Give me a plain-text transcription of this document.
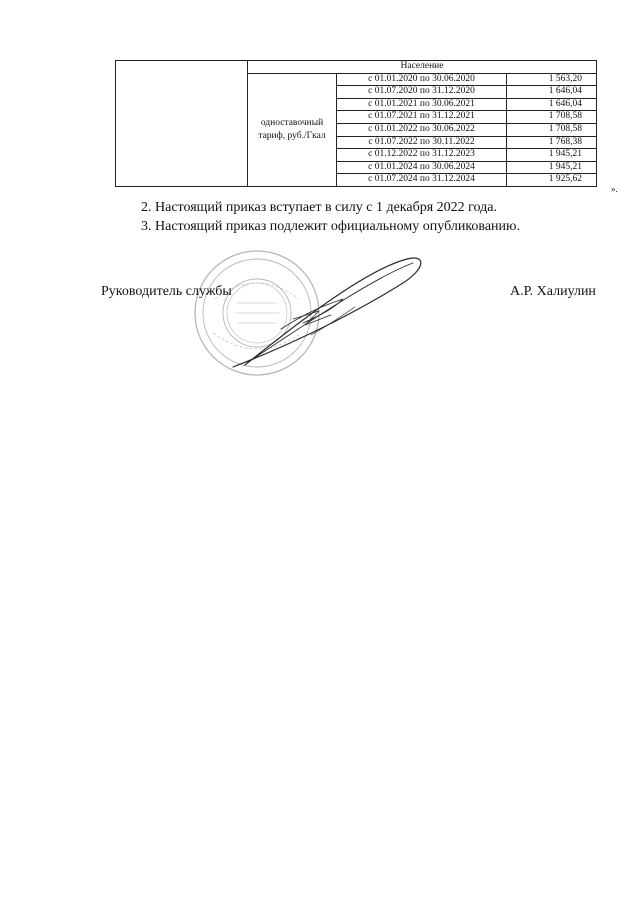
	Население		
	одноставочный тариф, руб./Гкал	с 01.01.2020 по 30.06.2020	1 563,20
		с 01.07.2020 по 31.12.2020	1 646,04
		с 01.01.2021 по 30.06.2021	1 646,04
		с 01.07.2021 по 31.12.2021	1 708,58
		с 01.01.2022 по 30.06.2022	1 708,58
		с 01.07.2022 по 30.11.2022	1 768,38
		с 01.12.2022 по 31.12.2023	1 945,21
		с 01.01.2024 по 30.06.2024	1 945,21
		с 01.07.2024 по 31.12.2024	1 925,62
».
2. Настоящий приказ вступает в силу с 1 декабря 2022 года.
3. Настоящий приказ подлежит официальному опубликованию.
Руководитель службы	А.Р. Халиулин
